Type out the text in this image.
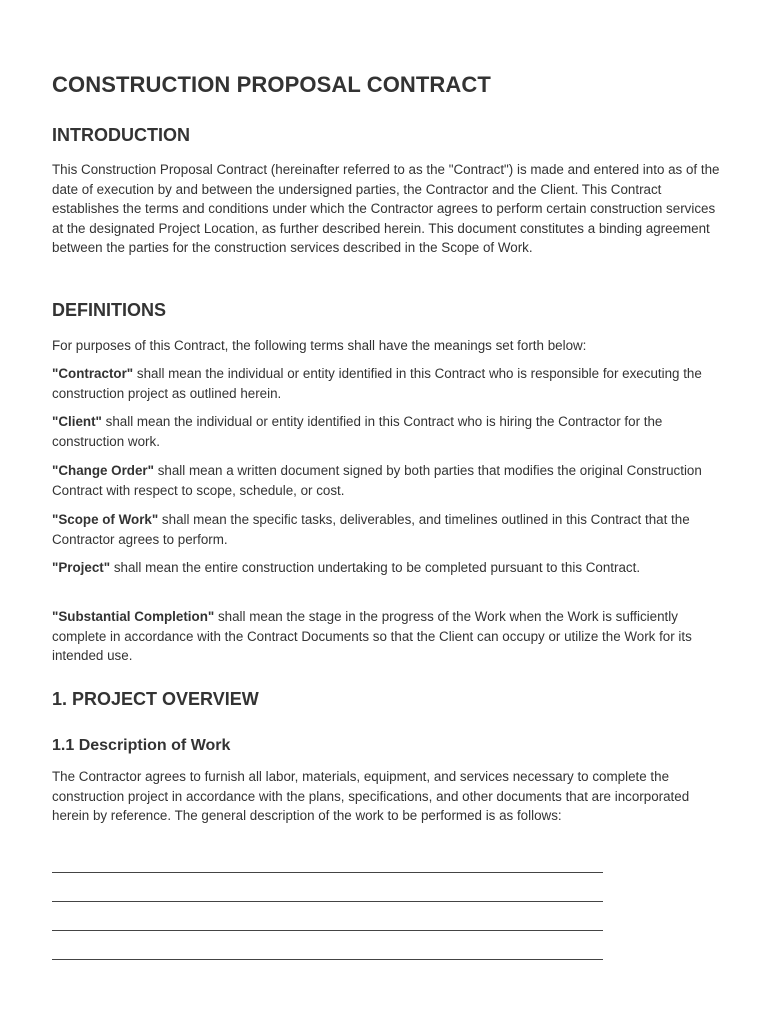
CONSTRUCTION PROPOSAL CONTRACT
INTRODUCTION

This Construction Proposal Contract (hereinafter referred to as the "Contract") is made and entered into as of the date of execution by and between the undersigned parties, the Contractor and the Client. This Contract establishes the terms and conditions under which the Contractor agrees to perform certain construction services at the designated Project Location, as further described herein. This document constitutes a binding agreement between the parties for the construction services described in the Scope of Work.

DEFINITIONS

For purposes of this Contract, the following terms shall have the meanings set forth below:

"Contractor" shall mean the individual or entity identified in this Contract who is responsible for executing the construction project as outlined herein.

"Client" shall mean the individual or entity identified in this Contract who is hiring the Contractor for the construction work.

"Change Order" shall mean a written document signed by both parties that modifies the original Construction Contract with respect to scope, schedule, or cost.

"Scope of Work" shall mean the specific tasks, deliverables, and timelines outlined in this Contract that the Contractor agrees to perform.

"Project" shall mean the entire construction undertaking to be completed pursuant to this Contract.

"Substantial Completion" shall mean the stage in the progress of the Work when the Work is sufficiently complete in accordance with the Contract Documents so that the Client can occupy or utilize the Work for its intended use.

1. PROJECT OVERVIEW
1.1 Description of Work

The Contractor agrees to furnish all labor, materials, equipment, and services necessary to complete the construction project in accordance with the plans, specifications, and other documents that are incorporated herein by reference. The general description of the work to be performed is as follows:
